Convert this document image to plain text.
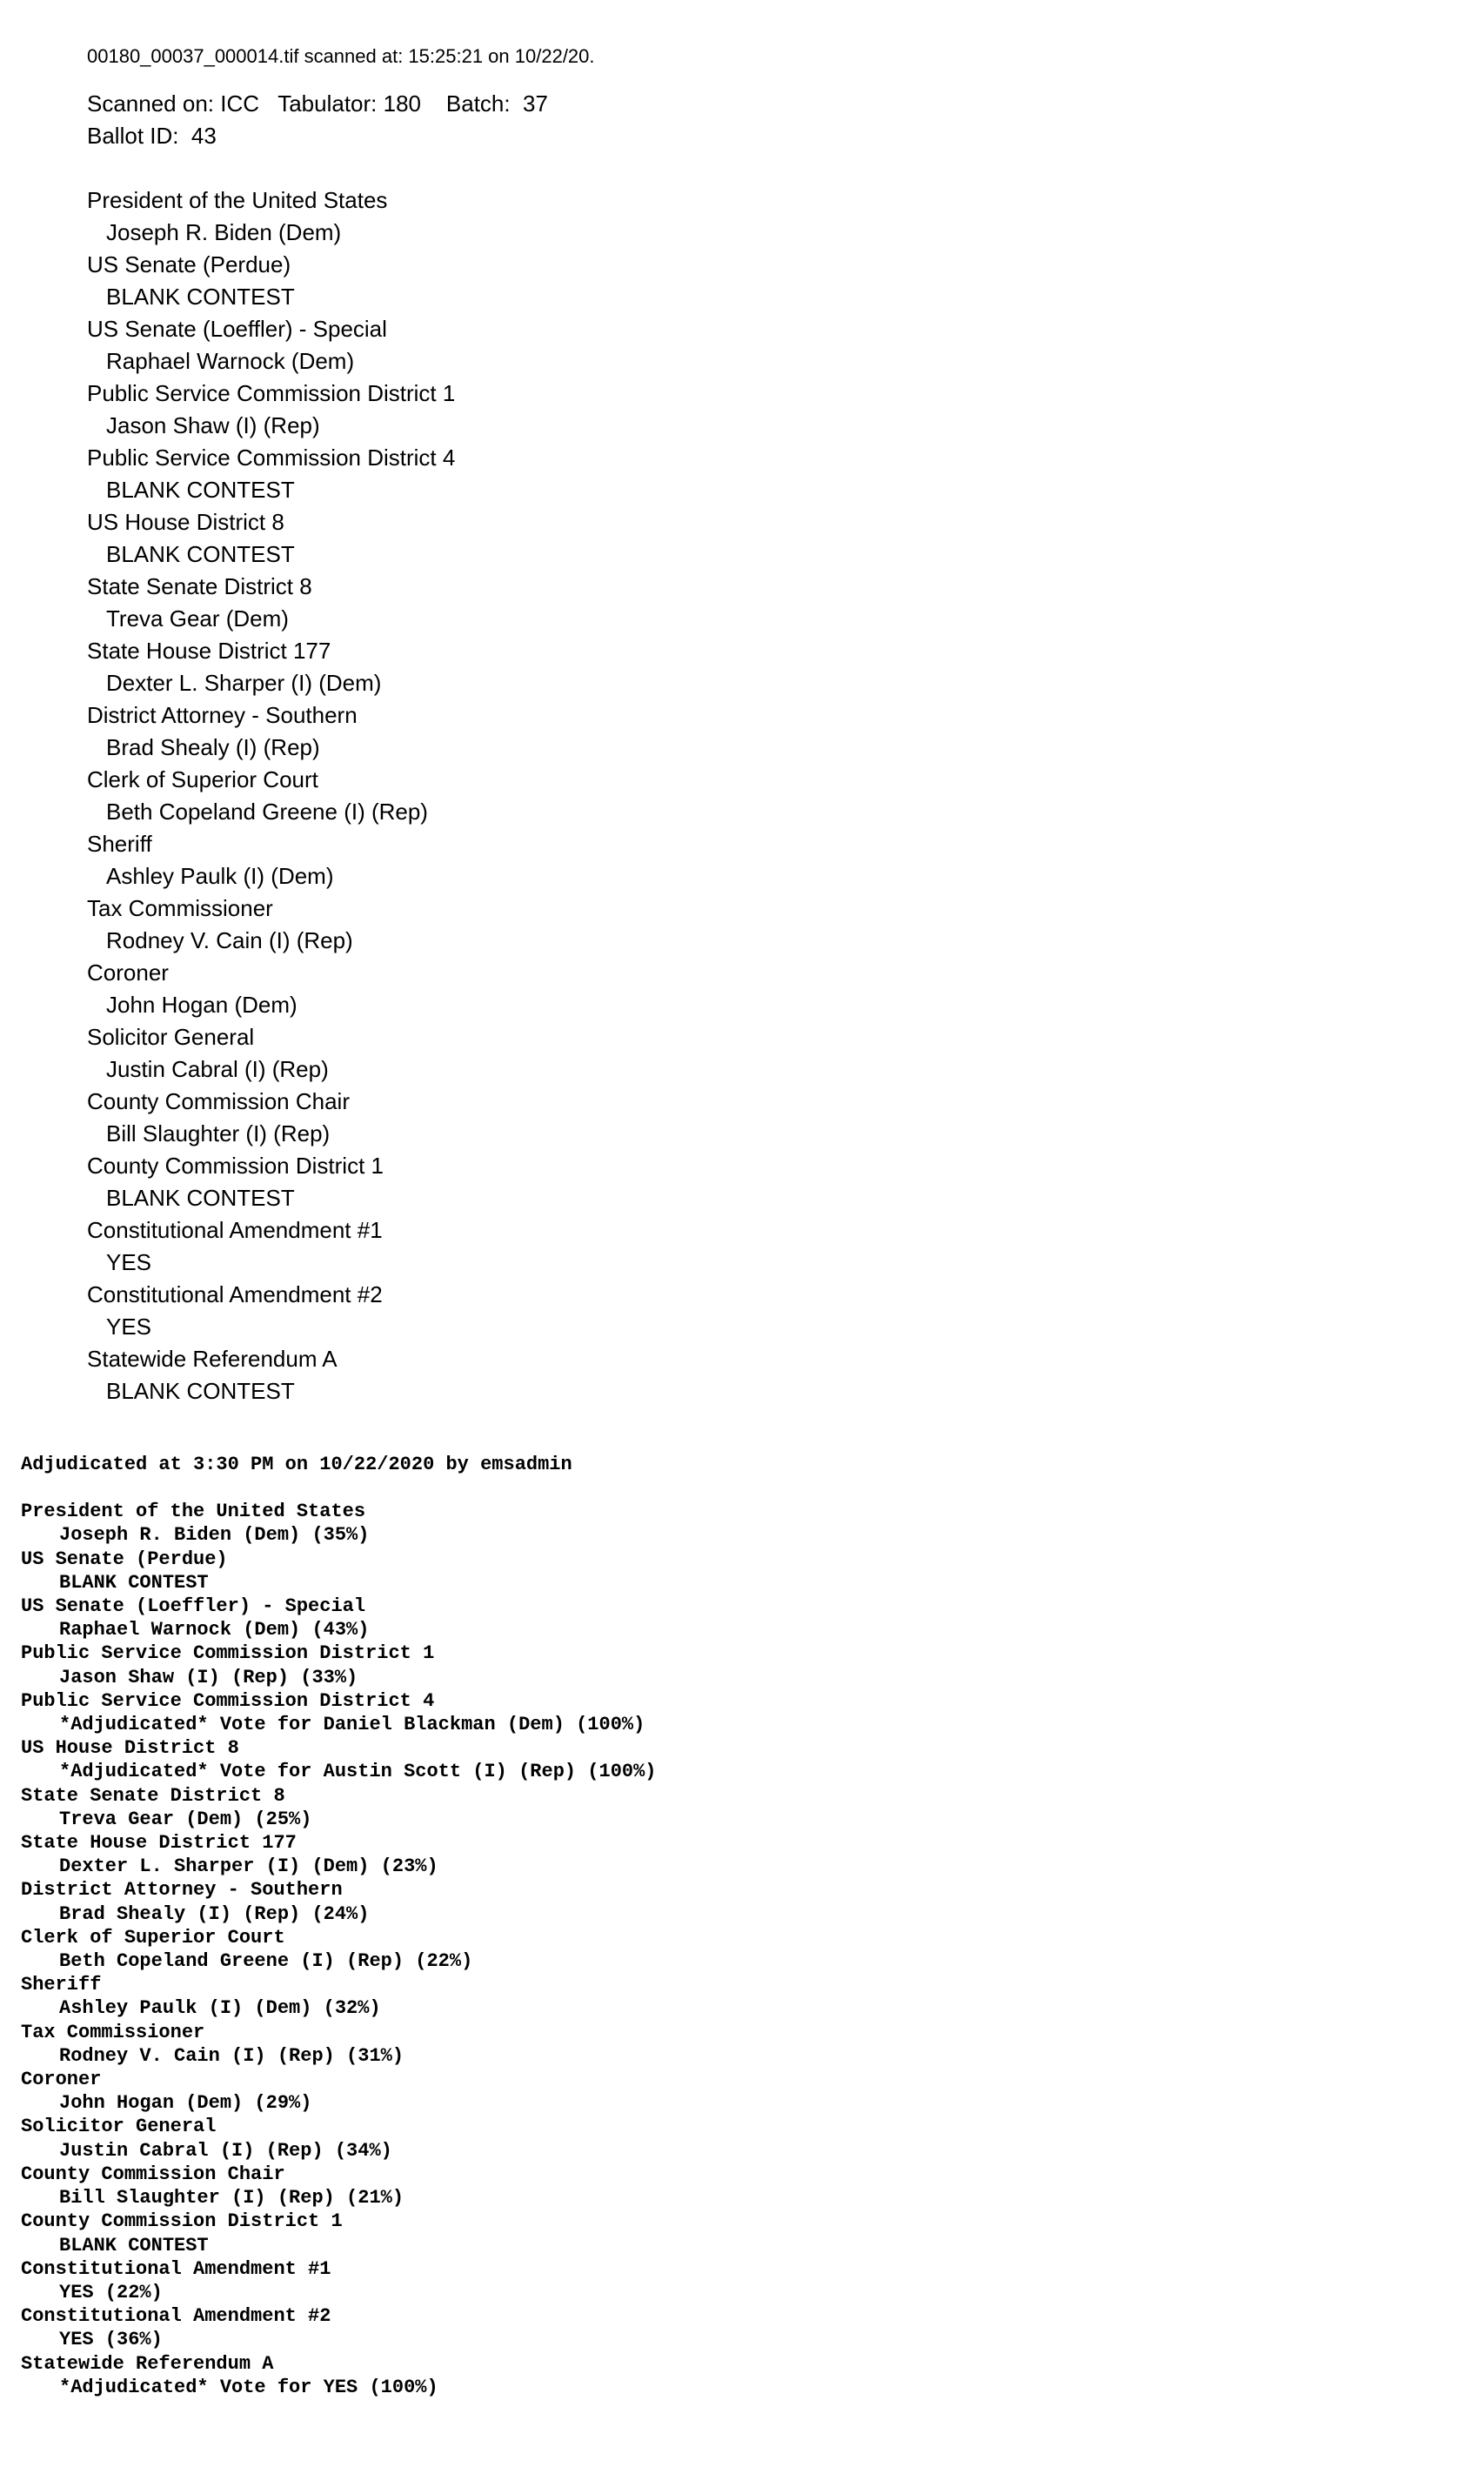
00180_00037_000014.tif scanned at: 15:25:21 on 10/22/20.
Scanned on: ICC   Tabulator: 180    Batch:  37
Ballot ID:  43
President of the United States
Joseph R. Biden (Dem)
US Senate (Perdue)
BLANK CONTEST
US Senate (Loeffler) - Special
Raphael Warnock (Dem)
Public Service Commission District 1
Jason Shaw (I) (Rep)
Public Service Commission District 4
BLANK CONTEST
US House District 8
BLANK CONTEST
State Senate District 8
Treva Gear (Dem)
State House District 177
Dexter L. Sharper (I) (Dem)
District Attorney - Southern
Brad Shealy (I) (Rep)
Clerk of Superior Court
Beth Copeland Greene (I) (Rep)
Sheriff
Ashley Paulk (I) (Dem)
Tax Commissioner
Rodney V. Cain (I) (Rep)
Coroner
John Hogan (Dem)
Solicitor General
Justin Cabral (I) (Rep)
County Commission Chair
Bill Slaughter (I) (Rep)
County Commission District 1
BLANK CONTEST
Constitutional Amendment #1
YES
Constitutional Amendment #2
YES
Statewide Referendum A
BLANK CONTEST
Adjudicated at 3:30 PM on 10/22/2020 by emsadmin
President of the United States
Joseph R. Biden (Dem) (35%)
US Senate (Perdue)
BLANK CONTEST
US Senate (Loeffler) - Special
Raphael Warnock (Dem) (43%)
Public Service Commission District 1
Jason Shaw (I) (Rep) (33%)
Public Service Commission District 4
*Adjudicated* Vote for Daniel Blackman (Dem) (100%)
US House District 8
*Adjudicated* Vote for Austin Scott (I) (Rep) (100%)
State Senate District 8
Treva Gear (Dem) (25%)
State House District 177
Dexter L. Sharper (I) (Dem) (23%)
District Attorney - Southern
Brad Shealy (I) (Rep) (24%)
Clerk of Superior Court
Beth Copeland Greene (I) (Rep) (22%)
Sheriff
Ashley Paulk (I) (Dem) (32%)
Tax Commissioner
Rodney V. Cain (I) (Rep) (31%)
Coroner
John Hogan (Dem) (29%)
Solicitor General
Justin Cabral (I) (Rep) (34%)
County Commission Chair
Bill Slaughter (I) (Rep) (21%)
County Commission District 1
BLANK CONTEST
Constitutional Amendment #1
YES (22%)
Constitutional Amendment #2
YES (36%)
Statewide Referendum A
*Adjudicated* Vote for YES (100%)
